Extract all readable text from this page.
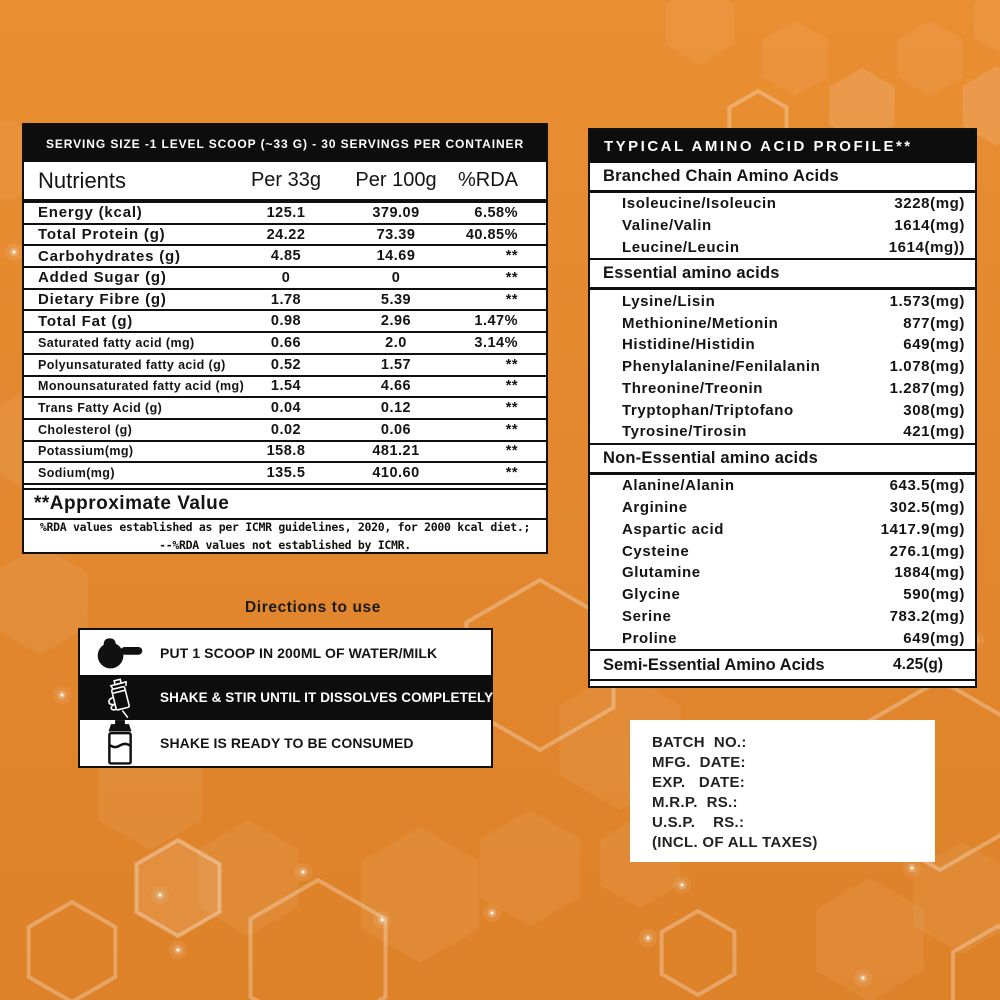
SERVING SIZE -1 LEVEL SCOOP (~33 G) - 30 SERVINGS PER CONTAINER
Nutrients	Per 33g	Per 100g	%RDA
Energy (kcal)	125.1	379.09	6.58%
Total Protein (g)	24.22	73.39	40.85%
Carbohydrates (g)	4.85	14.69	**
Added Sugar (g)	0	0	**
Dietary Fibre (g)	1.78	5.39	**
Total Fat (g)	0.98	2.96	1.47%
Saturated fatty acid (mg)	0.66	2.0	3.14%
Polyunsaturated fatty acid (g)	0.52	1.57	**
Monounsaturated fatty acid (mg)	1.54	4.66	**
Trans Fatty Acid (g)	0.04	0.12	**
Cholesterol (g)	0.02	0.06	**
Potassium(mg)	158.8	481.21	**
Sodium(mg)	135.5	410.60	**
**Approximate Value
%RDA values established as per ICMR guidelines, 2020, for 2000 kcal diet.;
--%RDA values not established by ICMR.
TYPICAL AMINO ACID PROFILE**
Branched Chain Amino Acids
Isoleucine/Isoleucin	3228(mg)
Valine/Valin	1614(mg)
Leucine/Leucin	1614(mg))
Essential amino acids
Lysine/Lisin	1.573(mg)
Methionine/Metionin	877(mg)
Histidine/Histidin	649(mg)
Phenylalanine/Fenilalanin	1.078(mg)
Threonine/Treonin	1.287(mg)
Tryptophan/Triptofano	308(mg)
Tyrosine/Tirosin	421(mg)
Non-Essential amino acids
Alanine/Alanin	643.5(mg)
Arginine	302.5(mg)
Aspartic acid	1417.9(mg)
Cysteine	276.1(mg)
Glutamine	1884(mg)
Glycine	590(mg)
Serine	783.2(mg)
Proline	649(mg)
Semi-Essential Amino Acids	4.25(g)
Directions to use
PUT 1 SCOOP IN 200ML OF WATER/MILK
SHAKE & STIR UNTIL IT DISSOLVES COMPLETELY
SHAKE IS READY TO BE CONSUMED	BATCH  NO.:
MFG.  DATE:
EXP.   DATE:
M.R.P.  RS.:
U.S.P.    RS.:
(INCL. OF ALL TAXES)
